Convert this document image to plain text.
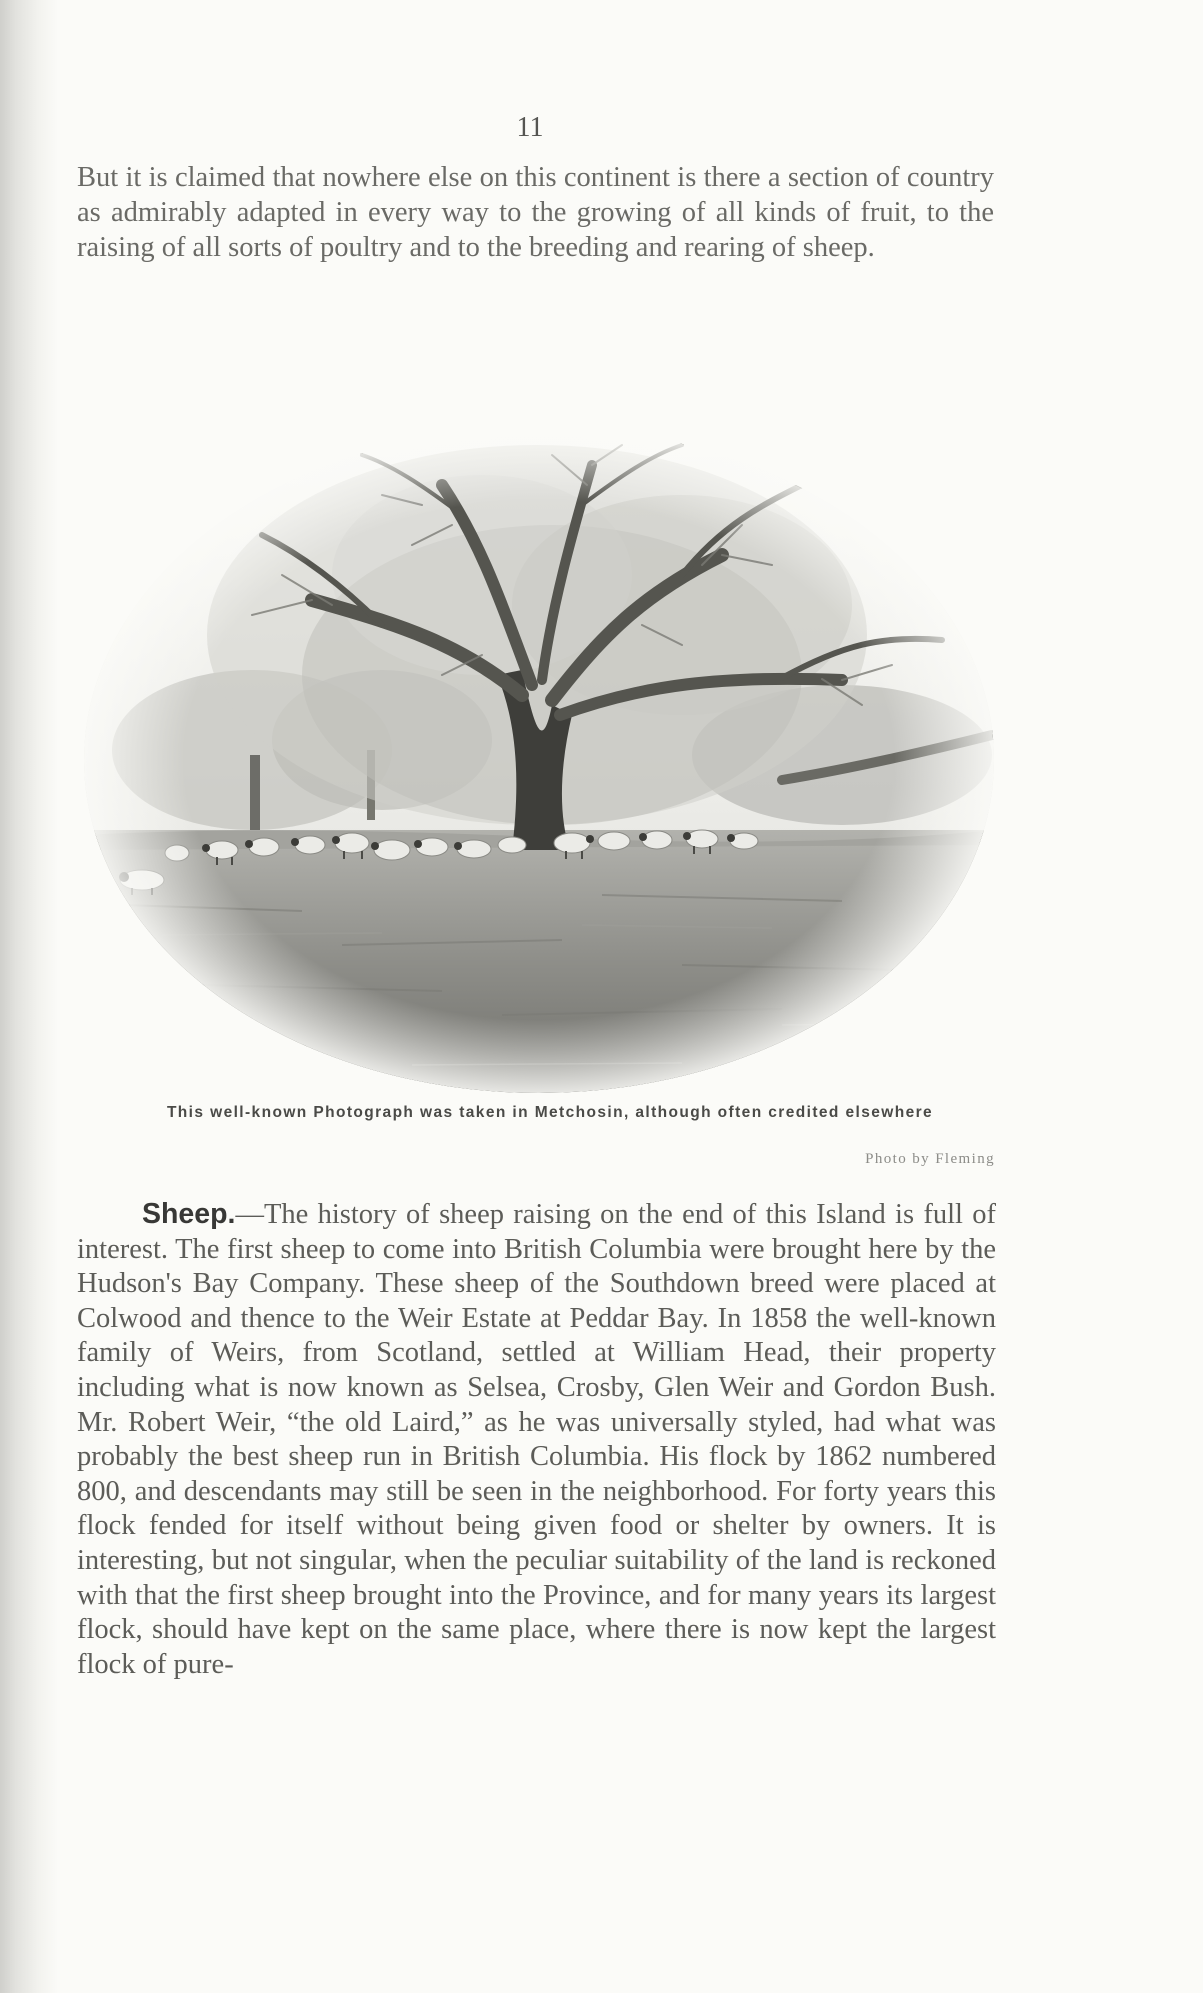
11

But it is claimed that nowhere else on this continent is there a section of country as admirably adapted in every way to the growing of all kinds of fruit, to the raising of all sorts of poultry and to the breeding and rearing of sheep.

This well-known Photograph was taken in Metchosin, although often credited elsewhere

Photo by Fleming

Sheep.—The history of sheep raising on the end of this Island is full of interest. The first sheep to come into British Columbia were brought here by the Hudson's Bay Company. These sheep of the Southdown breed were placed at Colwood and thence to the Weir Estate at Peddar Bay. In 1858 the well-known family of Weirs, from Scotland, settled at William Head, their property including what is now known as Selsea, Crosby, Glen Weir and Gordon Bush. Mr. Robert Weir, “the old Laird,” as he was universally styled, had what was probably the best sheep run in British Columbia. His flock by 1862 numbered 800, and descendants may still be seen in the neighborhood. For forty years this flock fended for itself without being given food or shelter by owners. It is interesting, but not singular, when the peculiar suitability of the land is reckoned with that the first sheep brought into the Province, and for many years its largest flock, should have kept on the same place, where there is now kept the largest flock of pure-
